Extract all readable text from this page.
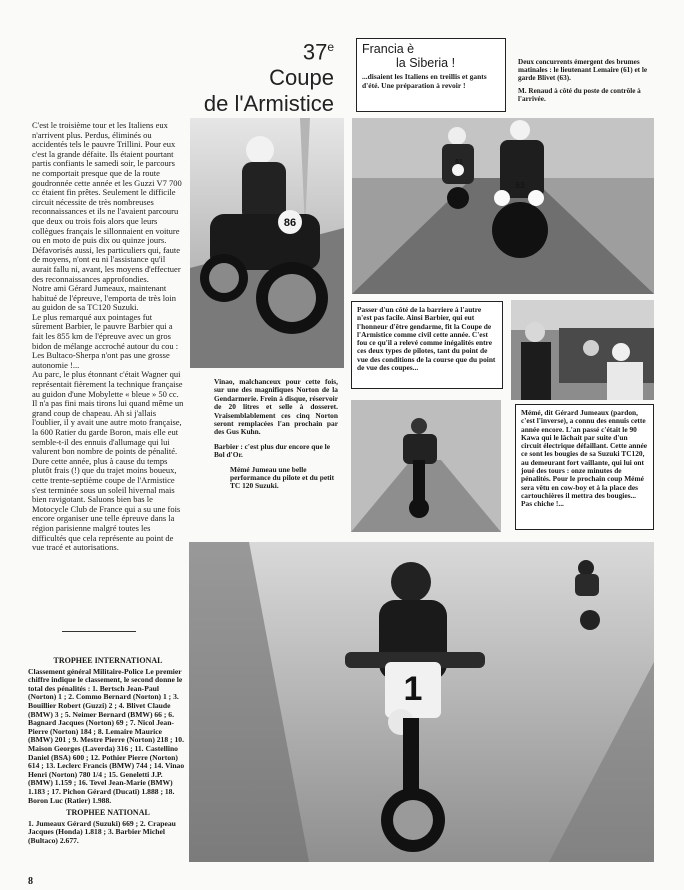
37e
Coupe
de l'Armistice
Francia è
la Siberia !
...disaient les Italiens en treillis et gants d'été. Une préparation à revoir !
Deux concurrents émergent des brumes matinales : le lieutenant Lemaire (61) et le garde Blivet (63).
M. Renaud à côté du poste de contrôle à l'arrivée.

C'est le troisième tour et les Italiens eux n'arrivent plus. Perdus, éliminés ou accidentés tels le pauvre Trillini. Pour eux c'est la grande défaite. Ils étaient pourtant partis confiants le samedi soir, le parcours ne comportait presque que de la route goudronnée cette année et les Guzzi V7 700 cc étaient fin prêtes. Seulement le difficile circuit nécessite de très nombreuses reconnaissances et ils ne l'avaient parcouru que deux ou trois fois alors que leurs collègues français le sillonnaient en voiture ou en moto de puis dix ou quinze jours.

Défavorisés aussi, les particuliers qui, faute de moyens, n'ont eu ni l'assistance qu'il aurait fallu ni, avant, les moyens d'effectuer des reconnaissances approfondies.

Notre ami Gérard Jumeaux, maintenant habitué de l'épreuve, l'emporta de très loin au guidon de sa TC120 Suzuki.

Le plus remarqué aux pointages fut sûrement Barbier, le pauvre Barbier qui a fait les 855 km de l'épreuve avec un gros bidon de mélange accroché autour du cou : Les Bultaco-Sherpa n'ont pas une grosse autonomie !...

Au parc, le plus étonnant c'était Wagner qui représentait fièrement la technique française au guidon d'une Mobylette « bleue » 50 cc. Il n'a pas fini mais tirons lui quand même un grand coup de chapeau. Ah si j'allais l'oublier, il y avait une autre moto française, la 600 Ratier du garde Boron, mais elle eut semble-t-il des ennuis d'allumage qui lui valurent bon nombre de points de pénalité.

Dure cette année, plus à cause du temps plutôt frais (!) que du trajet moins boueux, cette trente-septième coupe de l'Armistice s'est terminée sous un soleil hivernal mais bien ravigotant. Saluons bien bas le Motocycle Club de France qui a su une fois encore organiser une telle épreuve dans la région parisienne malgré toutes les difficultés que cela représente au point de vue tracé et autorisations.

TROPHEE INTERNATIONAL
Classement général Militaire-Police Le premier chiffre indique le classement, le second donne le total des pénalités : 1. Bertsch Jean-Paul (Norton) 1 ; 2. Commo Bernard (Norton) 1 ; 3. Bouillier Robert (Guzzi) 2 ; 4. Blivet Claude (BMW) 3 ; 5. Neimer Bernard (BMW) 66 ; 6. Bagnard Jacques (Norton) 69 ; 7. Nicol Jean-Pierre (Norton) 184 ; 8. Lemaire Maurice (BMW) 201 ; 9. Mestre Pierre (Norton) 218 ; 10. Maison Georges (Laverda) 316 ; 11. Castellino Daniel (BSA) 600 ; 12. Pothier Pierre (Norton) 614 ; 13. Leclerc Francis (BMW) 744 ; 14. Vinao Henri (Norton) 780 1/4 ; 15. Geneletti J.P. (BMW) 1.159 ; 16. Tevel Jean-Marie (BMW) 1.183 ; 17. Pichon Gérard (Ducati) 1.888 ; 18. Boron Luc (Ratier) 1.988.
TROPHEE NATIONAL
1. Jumeaux Gérard (Suzuki) 669 ; 2. Crapeau Jacques (Honda) 1.818 ; 3. Barbier Michel (Bultaco) 2.677.
86
61
63
Passer d'un côté de la barriere à l'autre n'est pas facile. Ainsi Barbier, qui eut l'honneur d'être gendarme, fit la Coupe de l'Armistice comme civil cette année. C'est fou ce qu'il a relevé comme inégalités entre ces deux types de pilotes, tant du point de vue des conditions de la course que du point de vue des coupes...
Vinao, malchanceux pour cette fois, sur une des magnifiques Norton de la Gendarmerie. Frein à disque, réservoir de 20 litres et selle à dosseret. Vraisemblablement ces cinq Norton seront remplacées l'an prochain par des Gus Kuhn.
Barbier : c'est plus dur encore que le Bol d'Or.
Mémé Jumeau une belle performance du pilote et du petit TC 120 Suzuki.
Mémé, dit Gérard Jumeaux (pardon, c'est l'inverse), a connu des ennuis cette année encore. L'an passé c'était le 90 Kawa qui le lâchait par suite d'un circuit électrique défaillant. Cette année ce sont les bougies de sa Suzuki TC120, au demeurant fort vaillante, qui lui ont joué des tours : onze minutes de pénalités. Pour le prochain coup Mémé sera vêtu en cow-boy et à la place des cartouchières il mettra des bougies... Pas chiche !...
1
8
